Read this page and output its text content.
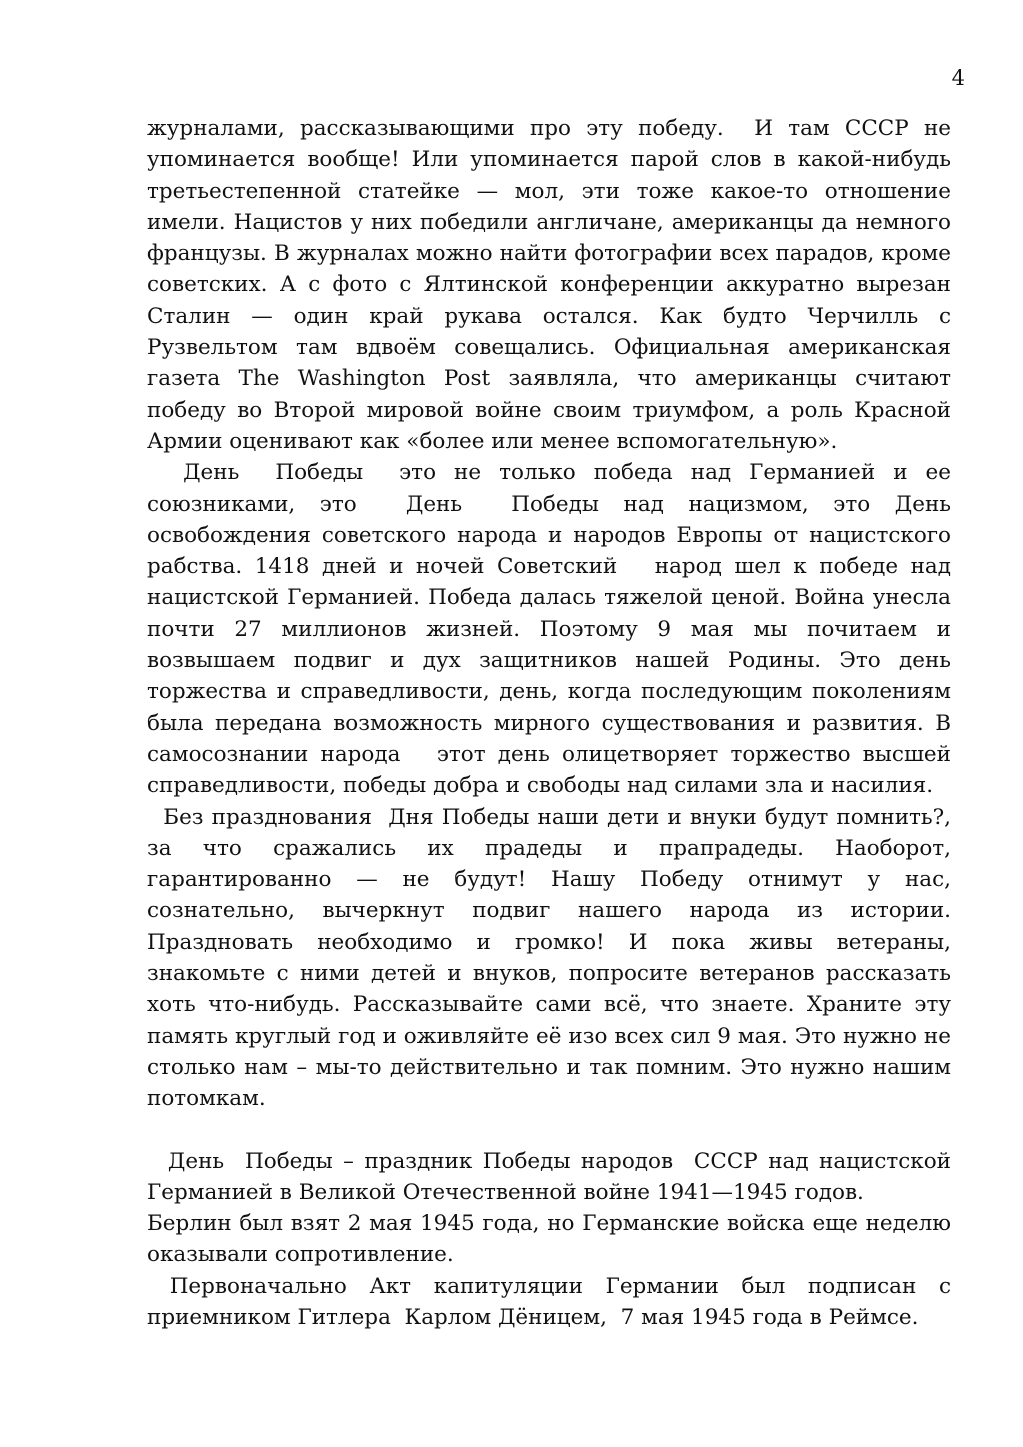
4

журналами, рассказывающими про эту победу.  И там СССР не упоминается вообще! Или упоминается парой слов в какой-нибудь третьестепенной статейке — мол, эти тоже какое-то отношение имели. Нацистов у них победили англичане, американцы да немного французы. В журналах можно найти фотографии всех парадов, кроме советских. А с фото с Ялтинской конференции аккуратно вырезан Сталин — один край рукава остался. Как будто Черчилль с Рузвельтом там вдвоём совещались. Официальная американская газета The Washington Post заявляла, что американцы считают победу во Второй мировой войне своим триумфом, а роль Красной Армии оценивают как «более или менее вспомогательную».

День  Победы  это не только победа над Германией и ее союзниками, это  День  Победы над нацизмом, это День освобождения советского народа и народов Европы от нацистского рабства. 1418 дней и ночей Советский   народ шел к победе над нацистской Германией. Победа далась тяжелой ценой. Война унесла почти 27 миллионов жизней. Поэтому 9 мая мы почитаем и возвышаем подвиг и дух защитников нашей Родины. Это день торжества и справедливости, день, когда последующим поколениям была передана возможность мирного существования и развития. В самосознании народа   этот день олицетворяет торжество высшей справедливости, победы добра и свободы над силами зла и насилия.

Без празднования  Дня Победы наши дети и внуки будут помнить?, за что сражались их прадеды и прапрадеды. Наоборот, гарантированно — не будут! Нашу Победу отнимут у нас, сознательно, вычеркнут подвиг нашего народа из истории. Праздновать необходимо и громко! И пока живы ветераны, знакомьте с ними детей и внуков, попросите ветеранов рассказать хоть что-нибудь. Рассказывайте сами всё, что знаете. Храните эту память круглый год и оживляйте её изо всех сил 9 мая. Это нужно не столько нам – мы-то действительно и так помним. Это нужно нашим потомкам.

День  Победы – праздник Победы народов  СССР над нацистской Германией в Великой Отечественной войне 1941—1945 годов.

Берлин был взят 2 мая 1945 года, но Германские войска еще неделю оказывали сопротивление.

Первоначально  Акт  капитуляции  Германии  был  подписан  с приемником Гитлера  Карлом Дёницем,  7 мая 1945 года в Реймсе.
